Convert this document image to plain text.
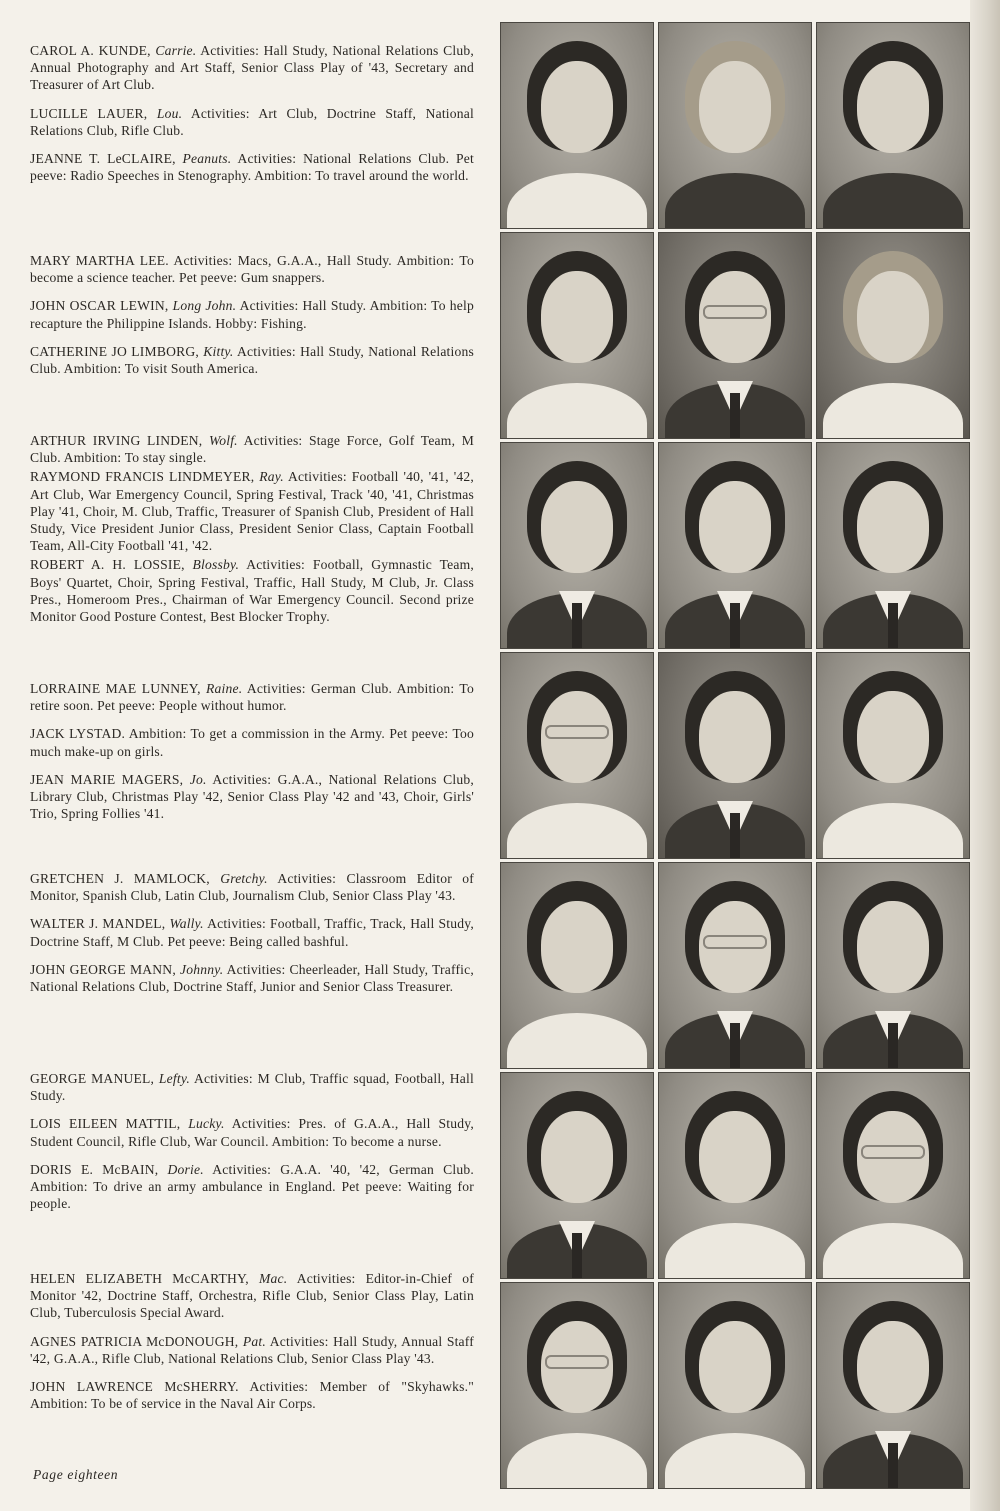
CAROL A. KUNDE, Carrie. Activities: Hall Study, National Relations Club, Annual Photography and Art Staff, Senior Class Play of '43, Secretary and Treasurer of Art Club.

LUCILLE LAUER, Lou. Activities: Art Club, Doctrine Staff, National Relations Club, Rifle Club.

JEANNE T. LeCLAIRE, Peanuts. Activities: National Relations Club. Pet peeve: Radio Speeches in Stenography. Ambition: To travel around the world.

MARY MARTHA LEE. Activities: Macs, G.A.A., Hall Study. Ambition: To become a science teacher. Pet peeve: Gum snappers.

JOHN OSCAR LEWIN, Long John. Activities: Hall Study. Ambition: To help recapture the Philippine Islands. Hobby: Fishing.

CATHERINE JO LIMBORG, Kitty. Activities: Hall Study, National Relations Club. Ambition: To visit South America.

ARTHUR IRVING LINDEN, Wolf. Activities: Stage Force, Golf Team, M Club. Ambition: To stay single.

RAYMOND FRANCIS LINDMEYER, Ray. Activities: Football '40, '41, '42, Art Club, War Emergency Council, Spring Festival, Track '40, '41, Christmas Play '41, Choir, M. Club, Traffic, Treasurer of Spanish Club, President of Hall Study, Vice President Junior Class, President Senior Class, Captain Football Team, All-City Football '41, '42.

ROBERT A. H. LOSSIE, Blossby. Activities: Football, Gymnastic Team, Boys' Quartet, Choir, Spring Festival, Traffic, Hall Study, M Club, Jr. Class Pres., Homeroom Pres., Chairman of War Emergency Council. Second prize Monitor Good Posture Contest, Best Blocker Trophy.

LORRAINE MAE LUNNEY, Raine. Activities: German Club. Ambition: To retire soon. Pet peeve: People without humor.

JACK LYSTAD. Ambition: To get a commission in the Army. Pet peeve: Too much make-up on girls.

JEAN MARIE MAGERS, Jo. Activities: G.A.A., National Relations Club, Library Club, Christmas Play '42, Senior Class Play '42 and '43, Choir, Girls' Trio, Spring Follies '41.

GRETCHEN J. MAMLOCK, Gretchy. Activities: Classroom Editor of Monitor, Spanish Club, Latin Club, Journalism Club, Senior Class Play '43.

WALTER J. MANDEL, Wally. Activities: Football, Traffic, Track, Hall Study, Doctrine Staff, M Club. Pet peeve: Being called bashful.

JOHN GEORGE MANN, Johnny. Activities: Cheerleader, Hall Study, Traffic, National Relations Club, Doctrine Staff, Junior and Senior Class Treasurer.

GEORGE MANUEL, Lefty. Activities: M Club, Traffic squad, Football, Hall Study.

LOIS EILEEN MATTIL, Lucky. Activities: Pres. of G.A.A., Hall Study, Student Council, Rifle Club, War Council. Ambition: To become a nurse.

DORIS E. McBAIN, Dorie. Activities: G.A.A. '40, '42, German Club. Ambition: To drive an army ambulance in England. Pet peeve: Waiting for people.

HELEN ELIZABETH McCARTHY, Mac. Activities: Editor-in-Chief of Monitor '42, Doctrine Staff, Orchestra, Rifle Club, Senior Class Play, Latin Club, Tuberculosis Special Award.

AGNES PATRICIA McDONOUGH, Pat. Activities: Hall Study, Annual Staff '42, G.A.A., Rifle Club, National Relations Club, Senior Class Play '43.

JOHN LAWRENCE McSHERRY. Activities: Member of "Skyhawks." Ambition: To be of service in the Naval Air Corps.

Page eighteen
